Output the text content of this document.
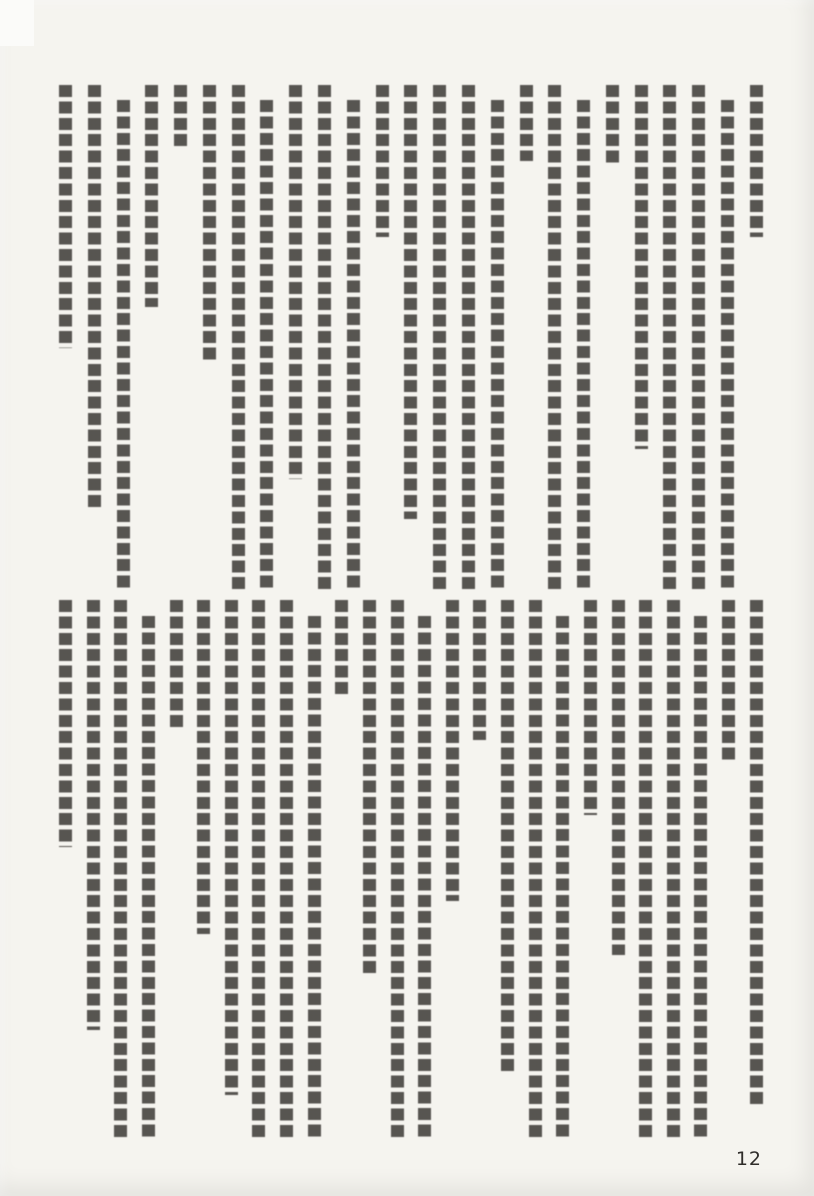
12
